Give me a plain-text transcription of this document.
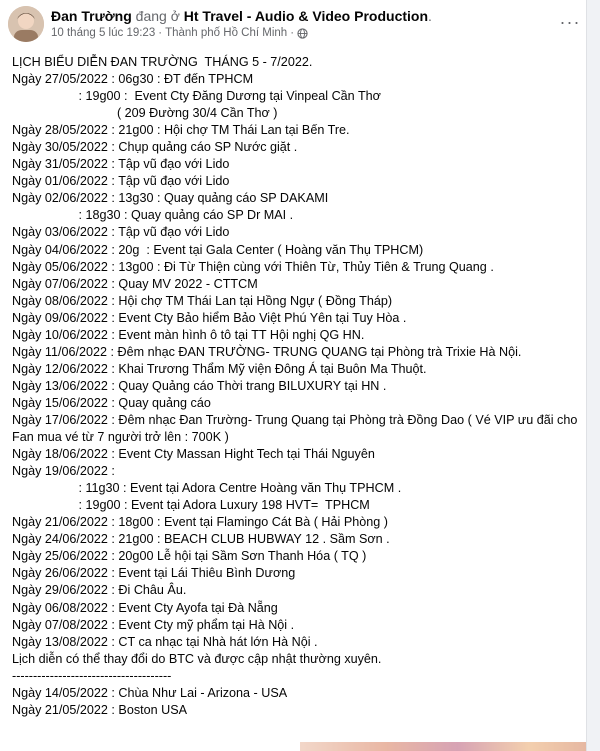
Đan Trường đang ở Ht Travel - Audio & Video Production.
10 tháng 5 lúc 19:23 · Thành phố Hồ Chí Minh ·
···
LỊCH BIỂU DIỄN ĐAN TRƯỜNG  THÁNG 5 - 7/2022.
Ngày 27/05/2022 : 06g30 : ĐT đến TPHCM
: 19g00 :  Event Cty Đăng Dương tại Vinpeal Cần Thơ
( 209 Đường 30/4 Cần Thơ )
Ngày 28/05/2022 : 21g00 : Hội chợ TM Thái Lan tại Bến Tre.
Ngày 30/05/2022 : Chụp quảng cáo SP Nước giặt .
Ngày 31/05/2022 : Tập vũ đạo với Lido
Ngày 01/06/2022 : Tập vũ đạo với Lido
Ngày 02/06/2022 : 13g30 : Quay quảng cáo SP DAKAMI
: 18g30 : Quay quảng cáo SP Dr MAI .
Ngày 03/06/2022 : Tập vũ đạo với Lido
Ngày 04/06/2022 : 20g  : Event tại Gala Center ( Hoàng văn Thụ TPHCM)
Ngày 05/06/2022 : 13g00 : Đi Từ Thiện cùng với Thiên Từ, Thủy Tiên & Trung Quang .
Ngày 07/06/2022 : Quay MV 2022 - CTTCM
Ngày 08/06/2022 : Hội chợ TM Thái Lan tại Hồng Ngự ( Đồng Tháp)
Ngày 09/06/2022 : Event Cty Bảo hiểm Bảo Việt Phú Yên tại Tuy Hòa .
Ngày 10/06/2022 : Event màn hình ô tô tại TT Hội nghị QG HN.
Ngày 11/06/2022 : Đêm nhạc ĐAN TRƯỜNG- TRUNG QUANG tại Phòng trà Trixie Hà Nội.
Ngày 12/06/2022 : Khai Trương Thẩm Mỹ viện Đông Á tại Buôn Ma Thuột.
Ngày 13/06/2022 : Quay Quảng cáo Thời trang BILUXURY tại HN .
Ngày 15/06/2022 : Quay quảng cáo
Ngày 17/06/2022 : Đêm nhạc Đan Trường- Trung Quang tại Phòng trà Đồng Dao ( Vé VIP ưu đãi cho Fan mua vé từ 7 người trở lên : 700K )
Ngày 18/06/2022 : Event Cty Massan Hight Tech tại Thái Nguyên
Ngày 19/06/2022 :
: 11g30 : Event tại Adora Centre Hoàng văn Thụ TPHCM .
: 19g00 : Event tại Adora Luxury 198 HVT=  TPHCM
Ngày 21/06/2022 : 18g00 : Event tại Flamingo Cát Bà ( Hải Phòng )
Ngày 24/06/2022 : 21g00 : BEACH CLUB HUBWAY 12 . Sầm Sơn .
Ngày 25/06/2022 : 20g00 Lễ hội tại Sầm Sơn Thanh Hóa ( TQ )
Ngày 26/06/2022 : Event tại Lái Thiêu Bình Dương
Ngày 29/06/2022 : Đi Châu Âu.
Ngày 06/08/2022 : Event Cty Ayofa tại Đà Nẵng
Ngày 07/08/2022 : Event Cty mỹ phẩm tại Hà Nội .
Ngày 13/08/2022 : CT ca nhạc tại Nhà hát lớn Hà Nội .
Lịch diễn có thể thay đổi do BTC và được cập nhật thường xuyên.
--------------------------------------
Ngày 14/05/2022 : Chùa Như Lai - Arizona - USA
Ngày 21/05/2022 : Boston USA
